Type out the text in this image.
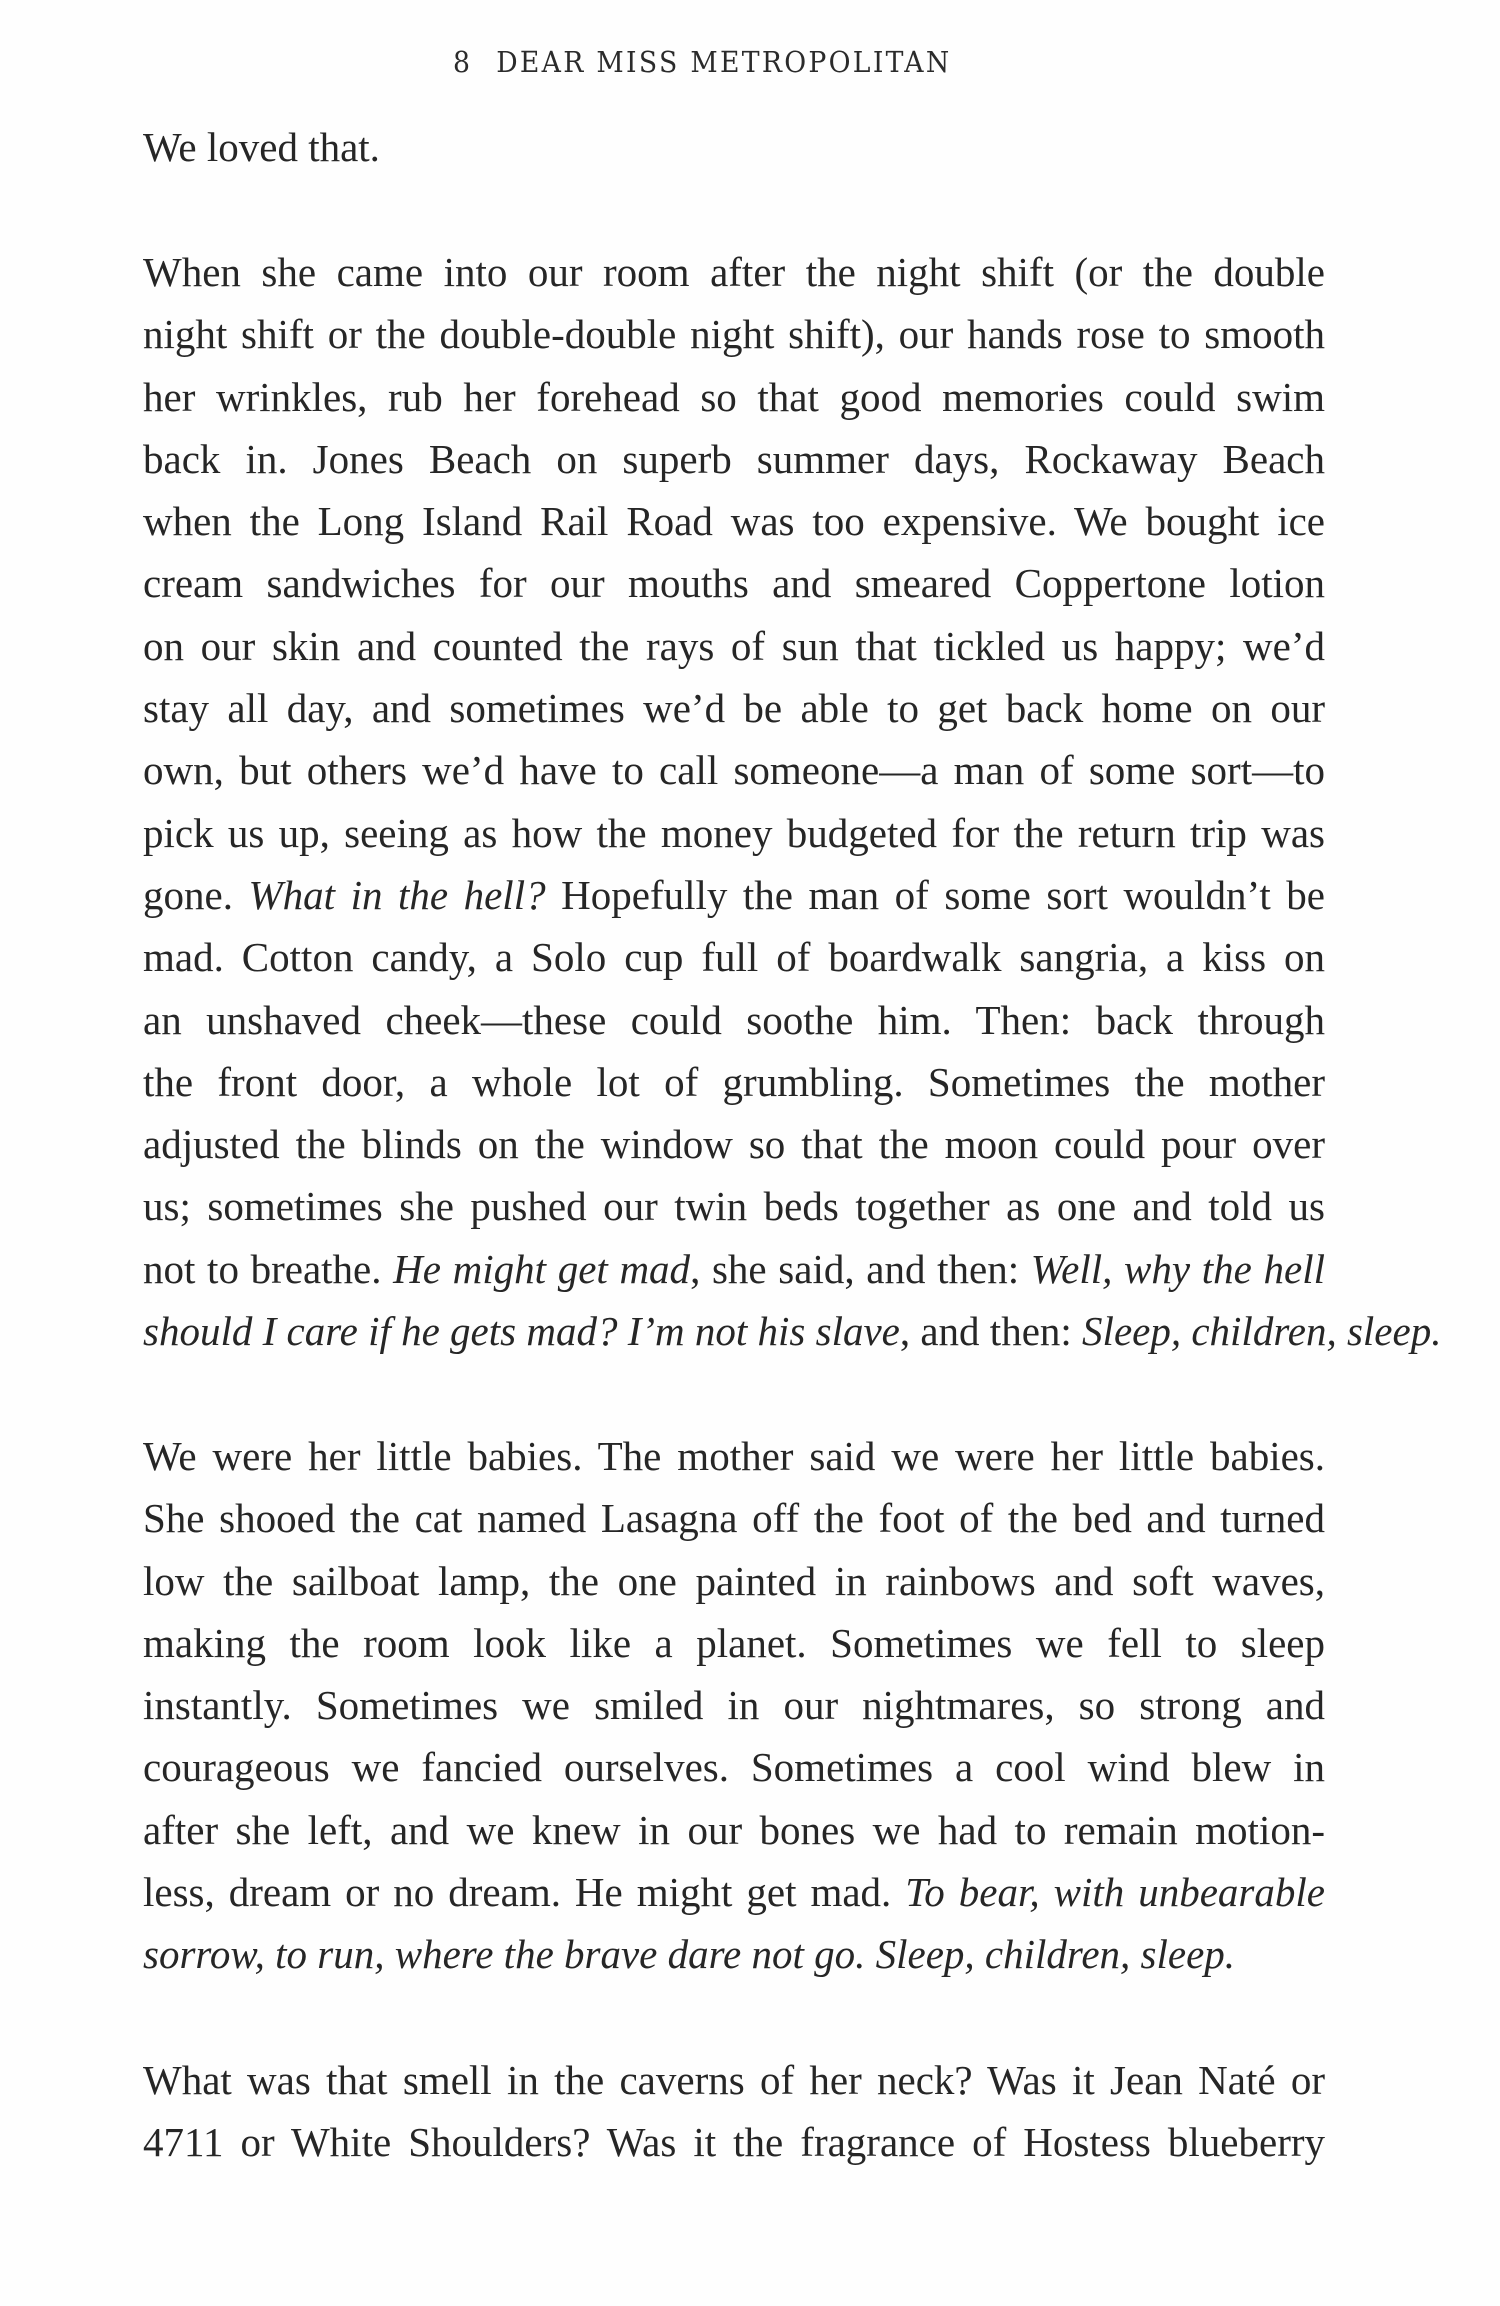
8 DEAR MISS METROPOLITAN
We loved that.
When she came into our room after the night shift (or the double
night shift or the double-double night shift), our hands rose to smooth
her wrinkles, rub her forehead so that good memories could swim
back in. Jones Beach on superb summer days, Rockaway Beach
when the Long Island Rail Road was too expensive. We bought ice
cream sandwiches for our mouths and smeared Coppertone lotion
on our skin and counted the rays of sun that tickled us happy; we’d
stay all day, and sometimes we’d be able to get back home on our
own, but others we’d have to call someone—a man of some sort—to
pick us up, seeing as how the money budgeted for the return trip was
gone. What in the hell? Hopefully the man of some sort wouldn’t be
mad. Cotton candy, a Solo cup full of boardwalk sangria, a kiss on
an unshaved cheek—these could soothe him. Then: back through
the front door, a whole lot of grumbling. Sometimes the mother
adjusted the blinds on the window so that the moon could pour over
us; sometimes she pushed our twin beds together as one and told us
not to breathe. He might get mad, she said, and then: Well, why the hell
should I care if he gets mad? I’m not his slave, and then: Sleep, children, sleep.
We were her little babies. The mother said we were her little babies.
She shooed the cat named Lasagna off the foot of the bed and turned
low the sailboat lamp, the one painted in rainbows and soft waves,
making the room look like a planet. Sometimes we fell to sleep
instantly. Sometimes we smiled in our nightmares, so strong and
courageous we fancied ourselves. Sometimes a cool wind blew in
after she left, and we knew in our bones we had to remain motion-
less, dream or no dream. He might get mad. To bear, with unbearable
sorrow, to run, where the brave dare not go. Sleep, children, sleep.
What was that smell in the caverns of her neck? Was it Jean Naté or
4711 or White Shoulders? Was it the fragrance of Hostess blueberry
